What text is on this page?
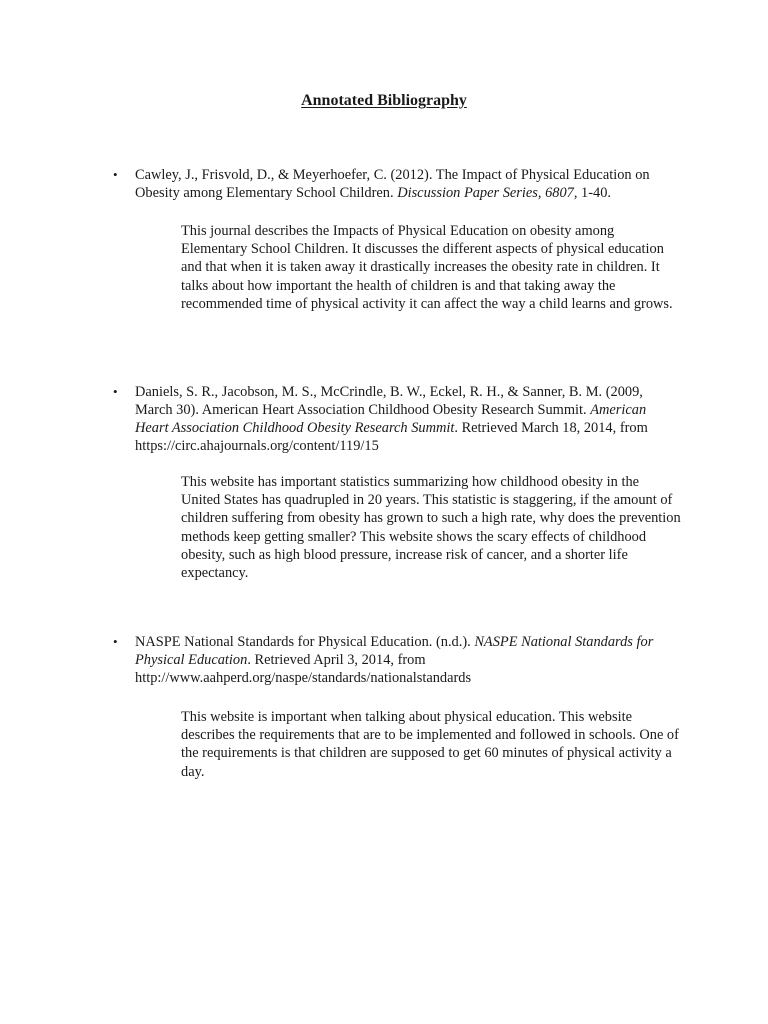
Annotated Bibliography
• Cawley, J., Frisvold, D., & Meyerhoefer, C. (2012). The Impact of Physical Education on Obesity among Elementary School Children. Discussion Paper Series, 6807, 1-40.

This journal describes the Impacts of Physical Education on obesity among Elementary School Children. It discusses the different aspects of physical education and that when it is taken away it drastically increases the obesity rate in children. It talks about how important the health of children is and that taking away the recommended time of physical activity it can affect the way a child learns and grows.

• Daniels, S. R., Jacobson, M. S., McCrindle, B. W., Eckel, R. H., & Sanner, B. M. (2009, March 30). American Heart Association Childhood Obesity Research Summit. American Heart Association Childhood Obesity Research Summit. Retrieved March 18, 2014, from https://circ.ahajournals.org/content/119/15

This website has important statistics summarizing how childhood obesity in the United States has quadrupled in 20 years. This statistic is staggering, if the amount of children suffering from obesity has grown to such a high rate, why does the prevention methods keep getting smaller? This website shows the scary effects of childhood obesity, such as high blood pressure, increase risk of cancer, and a shorter life expectancy.

• NASPE National Standards for Physical Education. (n.d.). NASPE National Standards for Physical Education. Retrieved April 3, 2014, from http://www.aahperd.org/naspe/standards/nationalstandards

This website is important when talking about physical education. This website describes the requirements that are to be implemented and followed in schools. One of the requirements is that children are supposed to get 60 minutes of physical activity a day.
